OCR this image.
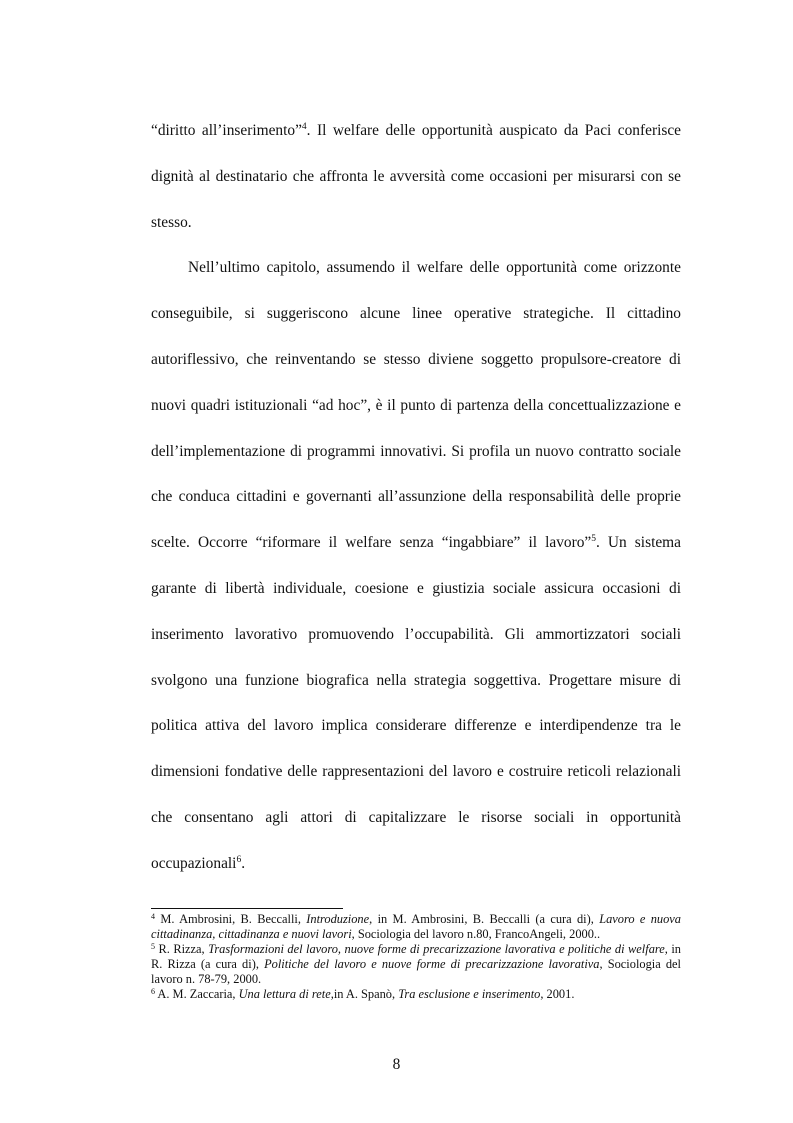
“diritto all’inserimento”$^4$. Il welfare delle opportunità auspicato da Paci conferisce dignità al destinatario che affronta le avversità come occasioni per misurarsi con se stesso.

Nell’ultimo capitolo, assumendo il welfare delle opportunità come orizzonte conseguibile, si suggeriscono alcune linee operative strategiche. Il cittadino autoriflessivo, che reinventando se stesso diviene soggetto propulsore-creatore di nuovi quadri istituzionali “ad hoc”, è il punto di partenza della concettualizzazione e dell’implementazione di programmi innovativi. Si profila un nuovo contratto sociale che conduca cittadini e governanti all’assunzione della responsabilità delle proprie scelte. Occorre “riformare il welfare senza “ingabbiare” il lavoro”$^5$. Un sistema garante di libertà individuale, coesione e giustizia sociale assicura occasioni di inserimento lavorativo promuovendo l’occupabilità. Gli ammortizzatori sociali svolgono una funzione biografica nella strategia soggettiva. Progettare misure di politica attiva del lavoro implica considerare differenze e interdipendenze tra le dimensioni fondative delle rappresentazioni del lavoro e costruire reticoli relazionali che consentano agli attori di capitalizzare le risorse sociali in opportunità occupazionali$^6$.

$^4$ M. Ambrosini, B. Beccalli, Introduzione, in M. Ambrosini, B. Beccalli (a cura di), Lavoro e nuova cittadinanza, cittadinanza e nuovi lavori, Sociologia del lavoro n.80, FrancoAngeli, 2000..

$^5$ R. Rizza, Trasformazioni del lavoro, nuove forme di precarizzazione lavorativa e politiche di welfare, in R. Rizza (a cura di), Politiche del lavoro e nuove forme di precarizzazione lavorativa, Sociologia del lavoro n. 78-79, 2000.

$^6$ A. M. Zaccaria, Una lettura di rete,in A. Spanò, Tra esclusione e inserimento, 2001.

8
